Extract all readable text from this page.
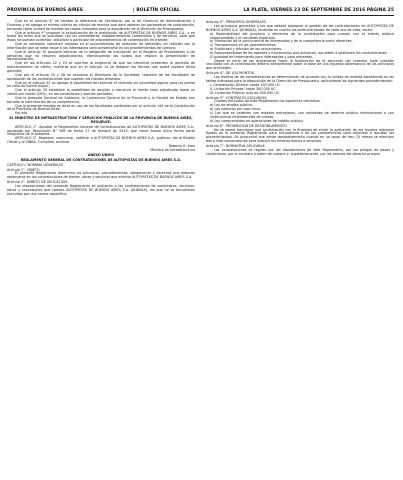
PROVINCIA DE BUENOS AIRES	| BOLETÍN OFICIAL	LA PLATA, VIERNES 23 DE SEPTIEMBRE DE 2016 PÁGINA 25

Que en el artículo 4° se cambia la referencia de Secretaría, por la de Gerencia de Administración y Finanzas y se agrega el mismo criterio de cálculo de montos que para obtener los parámetros de contratación, tomando como unidad de medida las tablas indicadas para la adquisición de la Dirección de Presupuesto;

Que el artículo 9° propone la actualización de la prohibición de AUTOPISTAS DE BUENOS AIRES S.A., y en todos los actos que se suscriban con los proveedores, establecimientos comerciales y de servicios, para que éstos no puedan contratar, adjudicar o participar de procedimientos de contratación en trámite;

Que es necesario introducir mejoras en el procedimiento de selección de oferentes, en relación con la información que se debe exigir a los interesados para presentarse en los procedimientos de compra;

Que el artículo 10 propone eliminar de la obligación de inscripción en el Registro de Proveedores a las personas que no resulten adjudicatarias, disminuyendo los costos que implica la presentación de documentación;

Que en los artículos 12 y 23 se suprime la exigencia de que los oferentes presenten la garantía de mantenimiento de oferta, mientras que en el artículo 13 se detallan las formas que podrá revestir dicha garantía;

Que por el artículo 25 y 28 se actualiza el Directorio de la Sociedad, respecto de las facultades de aprobación de las contrataciones que superen los montos previstos;

Que en el artículo 32 se agrega la posibilidad de rescindir el contrato sin penalidad alguna para las partes en caso de fuerza mayor;

Que el artículo 33 establece la posibilidad de ampliar o disminuir el monto total adjudicado hasta un veinte por ciento (20%), en las condiciones y precios pactados;

Que la Asesoría General de Gobierno, la Contaduría General de la Provincia y la Fiscalía de Estado han tomado la intervención de su competencia;

Que la presente medida se dicta en uso de las facultades conferidas por el artículo 144 de la Constitución de la Provincia de Buenos Aires;

Por ello,

EL MINISTRO DE INFRAESTRUCTURA Y SERVICIOS PÚBLICOS DE LA PROVINCIA DE BUENOS AIRES, RESUELVE:

ARTÍCULO 1°. Aprobar el Reglamento General de Contrataciones de AUTOPISTAS DE BUENOS AIRES S.A., aprobado por Resolución N° 398 de fecha 27 de octubre de 2015, que como Anexo único forma parte integrante de la presente.

ARTÍCULO 2°. Registrar, comunicar, notificar a AUTOPISTAS DE BUENOS AIRES S.A., publicar, dar al Boletín Oficial y al SINBA. Cumplido, archivar.

Roberto G. Ares

Ministro de Infraestructura

ANEXO ÚNICO

REGLAMENTO GENERAL DE CONTRATACIONES DE AUTOPISTAS DE BUENOS AIRES S.A.

CAPÍTULO I: NORMAS GENERALES

Artículo 1°. OBJETO.

El presente Reglamento determina los principios, procedimientos, obligaciones y derechos que deberán observarse en las contrataciones de bienes, obras y servicios que efectúe AUTOPISTAS DE BUENOS AIRES S.A.

Artículo 2°. ÁMBITO DE APLICACIÓN.

Las disposiciones del presente Reglamento se aplicarán a las contrataciones de suministros, servicios, obras y concesiones que celebre AUTOPISTAS DE BUENOS AIRES S.A. (AUBASA), las que no se encuentren excluidas por una norma específica.

Artículo 3°. PRINCIPIOS GENERALES.

Los principios generales a los que deberá ajustarse la gestión de las contrataciones de AUTOPISTAS DE BUENOS AIRES S.A. (AUBASA), teniendo en cuenta las particularidades de cada una de ellas, serán:

a) Razonabilidad del proyecto y eficiencia de la contratación para cumplir con el interés público comprometido y el resultado esperado.

b) Promoción de la concurrencia de interesados y de la competencia entre oferentes.

c) Transparencia en los procedimientos.

d) Publicidad y difusión de las actuaciones.

e) Responsabilidad de los agentes y funcionarios que autoricen, aprueben o gestionen las contrataciones.

f) Igualdad de tratamiento para interesados y para oferentes.

Desde el inicio de las actuaciones hasta la finalización de la ejecución del contrato, toda cuestión vinculada con la contratación deberá interpretarse sobre la base de una rigurosa observancia de los principios que anteceden.

Artículo 4°. DE LOS MONTOS.

Los montos de las contrataciones se determinarán de acuerdo con la unidad de medida establecida en las tablas indicadas para la adquisición de la Dirección de Presupuesto, aplicándose los siguientes procedimientos:

I. Contratación Directa: hasta 100.000 UC.

II. Licitación Privada: hasta 300.000 UC.

III. Licitación Pública: más de 300.000 UC.

Artículo 5°. CONTRATOS EXCLUIDOS.

Quedan excluidos de este Reglamento los siguientes contratos:

a) Los de empleo público.

b) Las compras por caja chica.

c) Los que se celebren con estados extranjeros, con entidades de derecho público internacional o con instituciones multilaterales de crédito.

d) Los comprendidos en operaciones de crédito público.

Artículo 6°. PROHIBICIÓN DE DESDOBLAMIENTO.

No se podrá fraccionar una contratación con la finalidad de eludir la aplicación de los montos máximos fijados en el presente Reglamento para encuadrarla o de las competencias para autorizar o aprobar los procedimientos. Se presumirá que existe desdoblamiento cuando en un lapso de tres (3) meses se efectúen dos o más convocatorias para adquirir los mismos bienes o servicios.

Artículo 7°. NORMATIVA APLICABLE.

Las contrataciones se regirán por las disposiciones de este Reglamento, por los pliegos de bases y condiciones, por el contrato u orden de compra y, supletoriamente, por las normas del derecho privado.
